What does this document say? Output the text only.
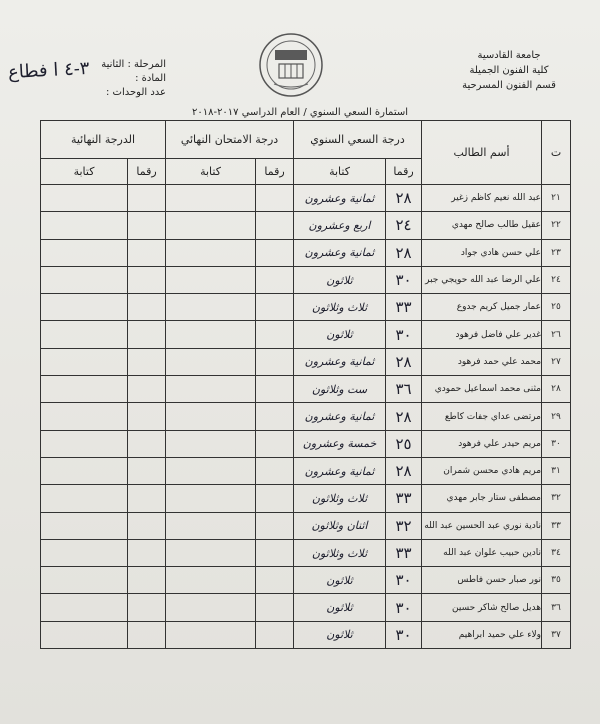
جامعة القادسية
كلية الفنون الجميلة
قسم الفنون المسرحية
المرحلة : الثانية
المادة :
عدد الوحدات :
٣-٤ ا فطاع
استمارة السعي السنوي / العام الدراسي ٢٠١٧-٢٠١٨
ت	أسم الطالب	درجة السعي السنوي		درجة الامتحان النهائي		الدرجة النهائية	
		رقما	كتابة	رقما	كتابة	رقما	كتابة
٢١	عبد الله نعيم كاظم زغير	٢٨	ثمانية وعشرون				
٢٢	عقيل طالب صالح مهدي	٢٤	اربع وعشرون				
٢٣	علي حسن هادي جواد	٢٨	ثمانية وعشرون				
٢٤	علي الرضا عبد الله حويجي جبر	٣٠	ثلاثون				
٢٥	عمار جميل كريم جدوع	٣٣	ثلاث وثلاثون				
٢٦	غدير علي فاضل فرهود	٣٠	ثلاثون				
٢٧	محمد علي حمد فرهود	٢٨	ثمانية وعشرون				
٢٨	مثنى محمد اسماعيل حمودي	٣٦	ست وثلاثون				
٢٩	مرتضى عداي جفات كاطع	٢٨	ثمانية وعشرون				
٣٠	مريم حيدر علي فرهود	٢٥	خمسة وعشرون				
٣١	مريم هادي محسن شمران	٢٨	ثمانية وعشرون				
٣٢	مصطفى ستار جابر مهدي	٣٣	ثلاث وثلاثون				
٣٣	نادية نوري عبد الحسين عبد الله	٣٢	اثنان وثلاثون				
٣٤	نادين حبيب علوان عبد الله	٣٣	ثلاث وثلاثون				
٣٥	نور صبار حسن فاطس	٣٠	ثلاثون				
٣٦	هديل صالح شاكر حسين	٣٠	ثلاثون				
٣٧	ولاء علي حميد ابراهيم	٣٠	ثلاثون				
